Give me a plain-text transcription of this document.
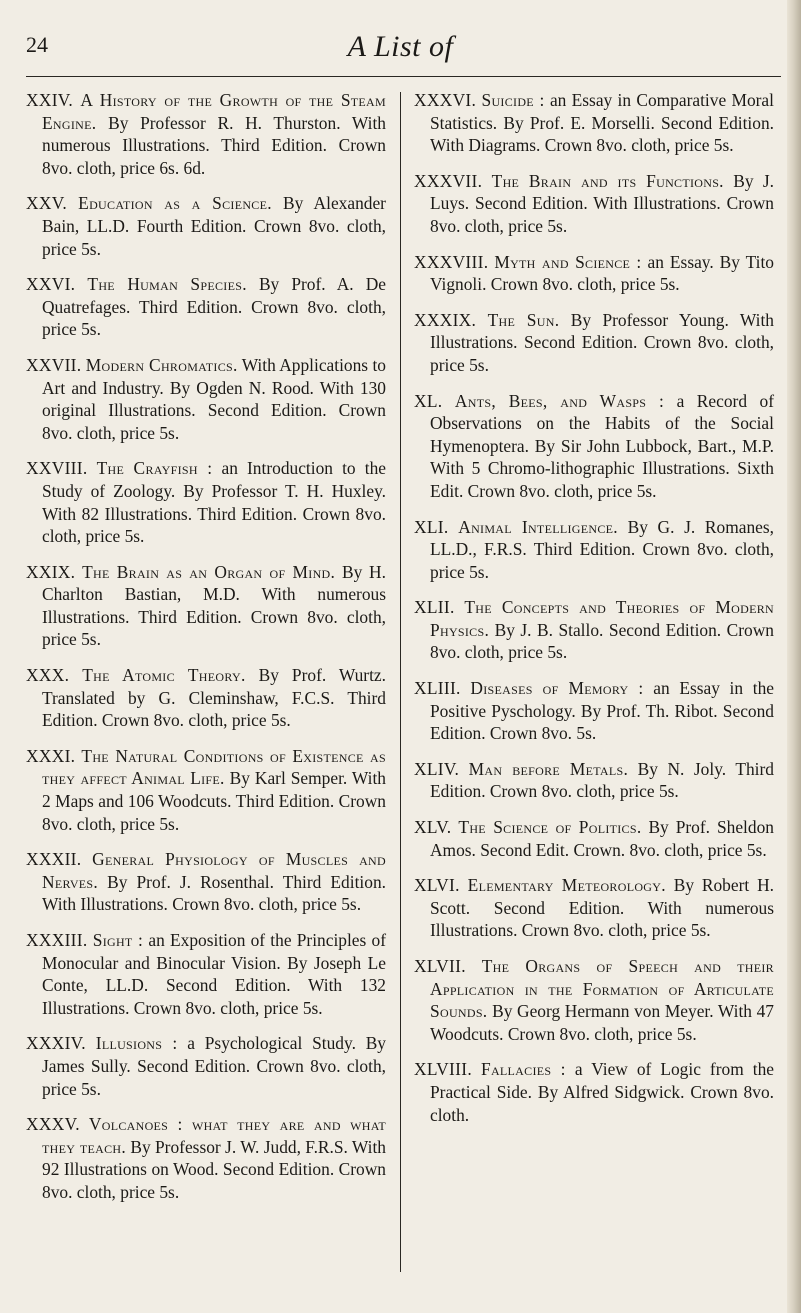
24	A List of

XXIV. A History of the Growth of the Steam Engine. By Professor R. H. Thurston. With numerous Illustrations. Third Edition. Crown 8vo. cloth, price 6s. 6d.

XXV. Education as a Science. By Alexander Bain, LL.D. Fourth Edition. Crown 8vo. cloth, price 5s.

XXVI. The Human Species. By Prof. A. De Quatrefages. Third Edition. Crown 8vo. cloth, price 5s.

XXVII. Modern Chromatics. With Applications to Art and Industry. By Ogden N. Rood. With 130 original Illustrations. Second Edition. Crown 8vo. cloth, price 5s.

XXVIII. The Crayfish : an Introduction to the Study of Zoology. By Professor T. H. Huxley. With 82 Illustrations. Third Edition. Crown 8vo. cloth, price 5s.

XXIX. The Brain as an Organ of Mind. By H. Charlton Bastian, M.D. With numerous Illustrations. Third Edition. Crown 8vo. cloth, price 5s.

XXX. The Atomic Theory. By Prof. Wurtz. Translated by G. Cleminshaw, F.C.S. Third Edition. Crown 8vo. cloth, price 5s.

XXXI. The Natural Conditions of Existence as they affect Animal Life. By Karl Semper. With 2 Maps and 106 Woodcuts. Third Edition. Crown 8vo. cloth, price 5s.

XXXII. General Physiology of Muscles and Nerves. By Prof. J. Rosenthal. Third Edition. With Illustrations. Crown 8vo. cloth, price 5s.

XXXIII. Sight : an Exposition of the Principles of Monocular and Binocular Vision. By Joseph Le Conte, LL.D. Second Edition. With 132 Illustrations. Crown 8vo. cloth, price 5s.

XXXIV. Illusions : a Psychological Study. By James Sully. Second Edition. Crown 8vo. cloth, price 5s.

XXXV. Volcanoes : what they are and what they teach. By Professor J. W. Judd, F.R.S. With 92 Illustrations on Wood. Second Edition. Crown 8vo. cloth, price 5s.

XXXVI. Suicide : an Essay in Comparative Moral Statistics. By Prof. E. Morselli. Second Edition. With Diagrams. Crown 8vo. cloth, price 5s.

XXXVII. The Brain and its Functions. By J. Luys. Second Edition. With Illustrations. Crown 8vo. cloth, price 5s.

XXXVIII. Myth and Science : an Essay. By Tito Vignoli. Crown 8vo. cloth, price 5s.

XXXIX. The Sun. By Professor Young. With Illustrations. Second Edition. Crown 8vo. cloth, price 5s.

XL. Ants, Bees, and Wasps : a Record of Observations on the Habits of the Social Hymenoptera. By Sir John Lubbock, Bart., M.P. With 5 Chromo-lithographic Illustrations. Sixth Edit. Crown 8vo. cloth, price 5s.

XLI. Animal Intelligence. By G. J. Romanes, LL.D., F.R.S. Third Edition. Crown 8vo. cloth, price 5s.

XLII. The Concepts and Theories of Modern Physics. By J. B. Stallo. Second Edition. Crown 8vo. cloth, price 5s.

XLIII. Diseases of Memory : an Essay in the Positive Pyschology. By Prof. Th. Ribot. Second Edition. Crown 8vo. 5s.

XLIV. Man before Metals. By N. Joly. Third Edition. Crown 8vo. cloth, price 5s.

XLV. The Science of Politics. By Prof. Sheldon Amos. Second Edit. Crown. 8vo. cloth, price 5s.

XLVI. Elementary Meteorology. By Robert H. Scott. Second Edition. With numerous Illustrations. Crown 8vo. cloth, price 5s.

XLVII. The Organs of Speech and their Application in the Formation of Articulate Sounds. By Georg Hermann von Meyer. With 47 Woodcuts. Crown 8vo. cloth, price 5s.

XLVIII. Fallacies : a View of Logic from the Practical Side. By Alfred Sidgwick. Crown 8vo. cloth.
